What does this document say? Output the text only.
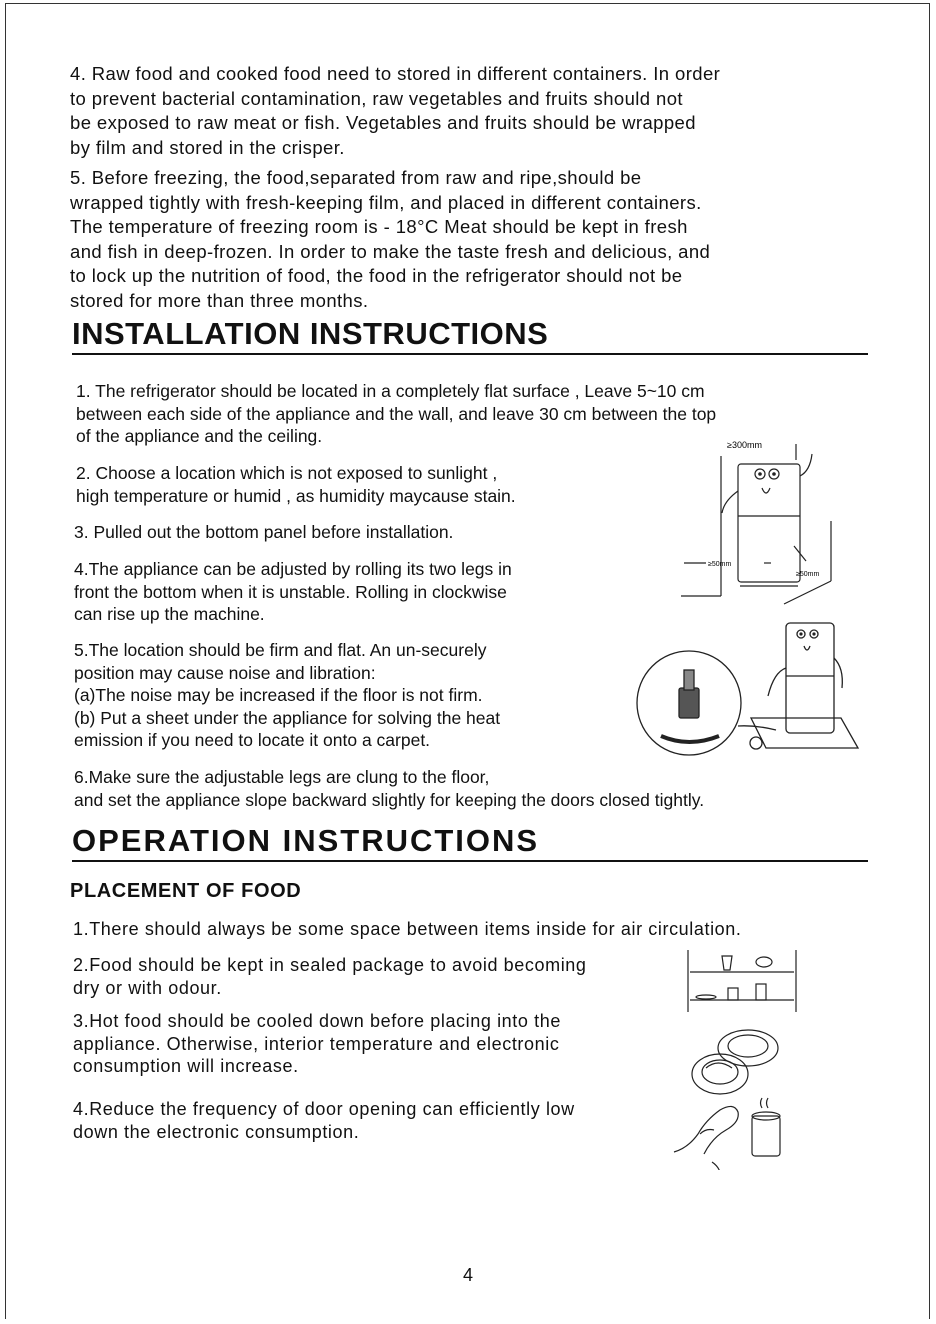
4. Raw food and cooked food need to stored in different containers. In order
to prevent bacterial contamination, raw vegetables and fruits should not
be exposed to raw meat or fish. Vegetables and fruits should be wrapped
by film and stored in the crisper.

5. Before freezing, the food,separated from raw and ripe,should be
wrapped tightly with fresh-keeping film, and placed in different containers.
The temperature of freezing room is - 18°C Meat should be kept in fresh
and fish in deep-frozen. In order to make the taste fresh and delicious, and
to lock up the nutrition of food, the food in the refrigerator should not be
stored for more than three months.

INSTALLATION INSTRUCTIONS

1. The refrigerator should be located in a completely flat surface , Leave 5~10 cm
between each side of the appliance and the wall, and leave 30 cm between the top
of the appliance and the ceiling.

2. Choose a location which is not exposed to sunlight ,
high temperature or humid , as humidity maycause stain.

3. Pulled out the bottom panel before installation.

4.The appliance can be adjusted by rolling its two legs in
front the bottom when it is unstable. Rolling in clockwise
can rise up the machine.

5.The location should be firm and flat. An un-securely
position may cause noise and libration:
(a)The noise may be increased if the floor is not firm.
(b) Put a sheet under the appliance for solving the heat
emission if you need to locate it onto a carpet.

6.Make sure the adjustable legs are clung to the floor,
and set the appliance slope backward slightly for keeping the doors closed tightly.

≥300mm
≥50mm
≥50mm
OPERATION INSTRUCTIONS
PLACEMENT OF FOOD

1.There should always be some space between items inside for air circulation.

2.Food should be kept in sealed package to avoid becoming
dry or with odour.

3.Hot food should be cooled down before placing into the
appliance. Otherwise, interior temperature and electronic
consumption will increase.

4.Reduce the frequency of door opening can efficiently low
down the electronic consumption.

4
